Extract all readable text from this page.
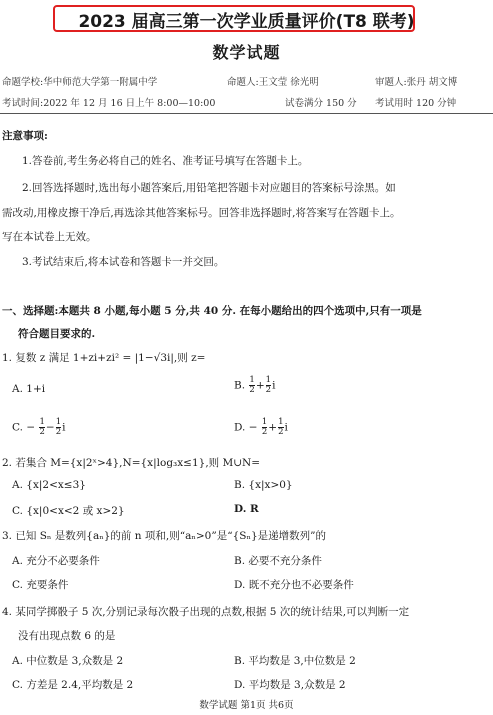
2023 届高三第一次学业质量评价(T8 联考)
数学试题
命题学校:华中师范大学第一附属中学	命题人:王文莹 徐光明	审题人:张丹 胡文博
考试时间:2022 年 12 月 16 日上午 8:00—10:00	试卷满分 150 分 考试用时 120 分钟
注意事项:
1.答卷前,考生务必将自己的姓名、准考证号填写在答题卡上。
2.回答选择题时,选出每小题答案后,用铅笔把答题卡对应题目的答案标号涂黑。如
需改动,用橡皮擦干净后,再选涂其他答案标号。回答非选择题时,将答案写在答题卡上。
写在本试卷上无效。
3.考试结束后,将本试卷和答题卡一并交回。
一、选择题:本题共 8 小题,每小题 5 分,共 40 分. 在每小题给出的四个选项中,只有一项是
符合题目要求的.
1. 复数 z 满足 1+zi+zi² = |1−√3i|,则 z=
A. 1+i	B. $\frac{1}{2} + \frac{1}{2}$ i
C. − $\frac{1}{2} - \frac{1}{2}$ i	D. − $\frac{1}{2} + \frac{1}{2}$ i
2. 若集合 M={x|2ˣ>4},N={x|log₃x≤1},则 M∪N=
A. {x|2<x≤3}	B. {x|x>0}
C. {x|0<x<2 或 x>2}	D. R
3. 已知 Sₙ 是数列{aₙ}的前 n 项和,则“aₙ>0”是“{Sₙ}是递增数列”的
A. 充分不必要条件	B. 必要不充分条件
C. 充要条件	D. 既不充分也不必要条件
4. 某同学掷骰子 5 次,分别记录每次骰子出现的点数,根据 5 次的统计结果,可以判断一定
没有出现点数 6 的是
A. 中位数是 3,众数是 2	B. 平均数是 3,中位数是 2
C. 方差是 2.4,平均数是 2	D. 平均数是 3,众数是 2
数学试题 第1页 共6页
